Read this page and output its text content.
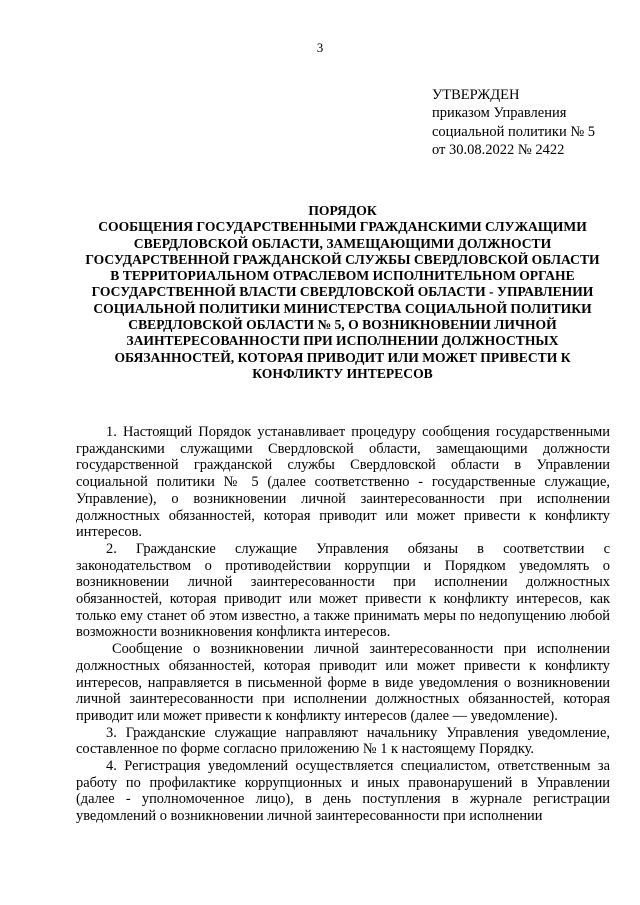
3
УТВЕРЖДЕН
приказом Управления
социальной политики № 5
от 30.08.2022 № 2422
ПОРЯДОК
СООБЩЕНИЯ ГОСУДАРСТВЕННЫМИ ГРАЖДАНСКИМИ СЛУЖАЩИМИ
СВЕРДЛОВСКОЙ ОБЛАСТИ, ЗАМЕЩАЮЩИМИ ДОЛЖНОСТИ
ГОСУДАРСТВЕННОЙ ГРАЖДАНСКОЙ СЛУЖБЫ СВЕРДЛОВСКОЙ ОБЛАСТИ
В ТЕРРИТОРИАЛЬНОМ ОТРАСЛЕВОМ ИСПОЛНИТЕЛЬНОМ ОРГАНЕ
ГОСУДАРСТВЕННОЙ ВЛАСТИ СВЕРДЛОВСКОЙ ОБЛАСТИ - УПРАВЛЕНИИ
СОЦИАЛЬНОЙ ПОЛИТИКИ МИНИСТЕРСТВА СОЦИАЛЬНОЙ ПОЛИТИКИ
СВЕРДЛОВСКОЙ ОБЛАСТИ № 5, О ВОЗНИКНОВЕНИИ ЛИЧНОЙ
ЗАИНТЕРЕСОВАННОСТИ ПРИ ИСПОЛНЕНИИ ДОЛЖНОСТНЫХ
ОБЯЗАННОСТЕЙ, КОТОРАЯ ПРИВОДИТ ИЛИ МОЖЕТ ПРИВЕСТИ К
КОНФЛИКТУ ИНТЕРЕСОВ

1. Настоящий Порядок устанавливает процедуру сообщения государственными гражданскими служащими Свердловской области, замещающими должности государственной гражданской службы Свердловской области в Управлении социальной политики № 5 (далее соответственно - государственные служащие, Управление), о возникновении личной заинтересованности при исполнении должностных обязанностей, которая приводит или может привести к конфликту интересов.

2. Гражданские служащие Управления обязаны в соответствии с законодательством о противодействии коррупции и Порядком уведомлять о возникновении личной заинтересованности при исполнении должностных обязанностей, которая приводит или может привести к конфликту интересов, как только ему станет об этом известно, а также принимать меры по недопущению любой возможности возникновения конфликта интересов.

Сообщение о возникновении личной заинтересованности при исполнении должностных обязанностей, которая приводит или может привести к конфликту интересов, направляется в письменной форме в виде уведомления о возникновении личной заинтересованности при исполнении должностных обязанностей, которая приводит или может привести к конфликту интересов (далее — уведомление).

3. Гражданские служащие направляют начальнику Управления уведомление, составленное по форме согласно приложению № 1 к настоящему Порядку.

4. Регистрация уведомлений осуществляется специалистом, ответственным за работу по профилактике коррупционных и иных правонарушений в Управлении (далее - уполномоченное лицо), в день поступления в журнале регистрации уведомлений о возникновении личной заинтересованности при исполнении
